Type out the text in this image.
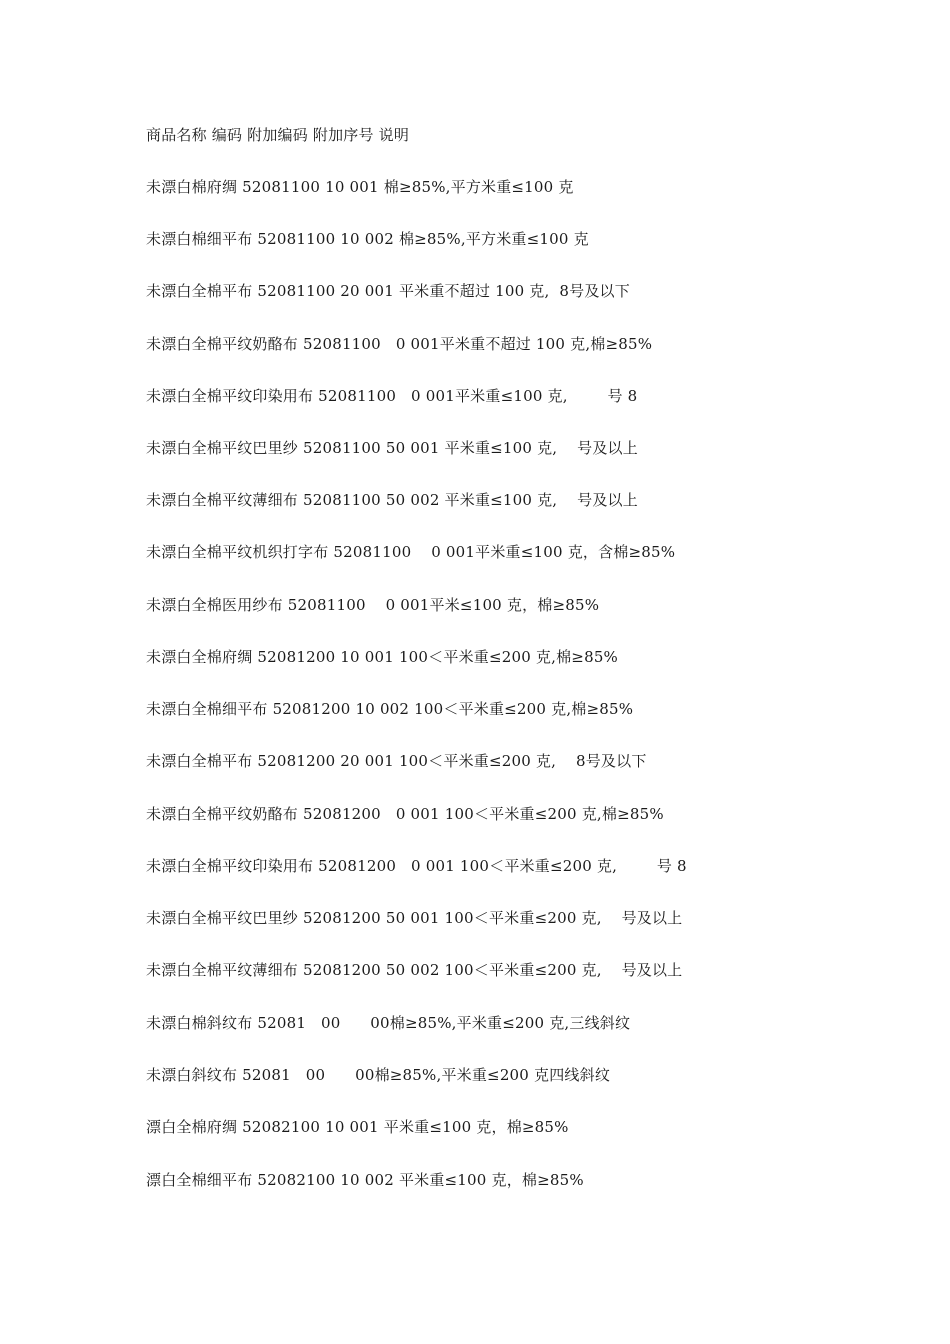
商品名称 编码 附加编码 附加序号 说明
未漂白棉府绸 52081100 10 001 棉≥85%,平方米重≤100 克
未漂白棉细平布 52081100 10 002 棉≥85%,平方米重≤100 克
未漂白全棉平布 52081100 20 001 平米重不超过 100 克,  8号及以下
未漂白全棉平纹奶酪布 52081100   0 001平米重不超过 100 克,棉≥85%
未漂白全棉平纹印染用布 52081100   0 001平米重≤100 克,        号 8
未漂白全棉平纹巴里纱 52081100 50 001 平米重≤100 克,    号及以上
未漂白全棉平纹薄细布 52081100 50 002 平米重≤100 克,    号及以上
未漂白全棉平纹机织打字布 52081100    0 001平米重≤100 克，含棉≥85%
未漂白全棉医用纱布 52081100    0 001平米≤100 克，棉≥85%
未漂白全棉府绸 52081200 10 001 100＜平米重≤200 克,棉≥85%
未漂白全棉细平布 52081200 10 002 100＜平米重≤200 克,棉≥85%
未漂白全棉平布 52081200 20 001 100＜平米重≤200 克,    8号及以下
未漂白全棉平纹奶酪布 52081200   0 001 100＜平米重≤200 克,棉≥85%
未漂白全棉平纹印染用布 52081200   0 001 100＜平米重≤200 克,        号 8
未漂白全棉平纹巴里纱 52081200 50 001 100＜平米重≤200 克,    号及以上
未漂白全棉平纹薄细布 52081200 50 002 100＜平米重≤200 克,    号及以上
未漂白棉斜纹布 52081   00      00棉≥85%,平米重≤200 克,三线斜纹
未漂白斜纹布 52081   00      00棉≥85%,平米重≤200 克四线斜纹
漂白全棉府绸 52082100 10 001 平米重≤100 克，棉≥85%
漂白全棉细平布 52082100 10 002 平米重≤100 克，棉≥85%
